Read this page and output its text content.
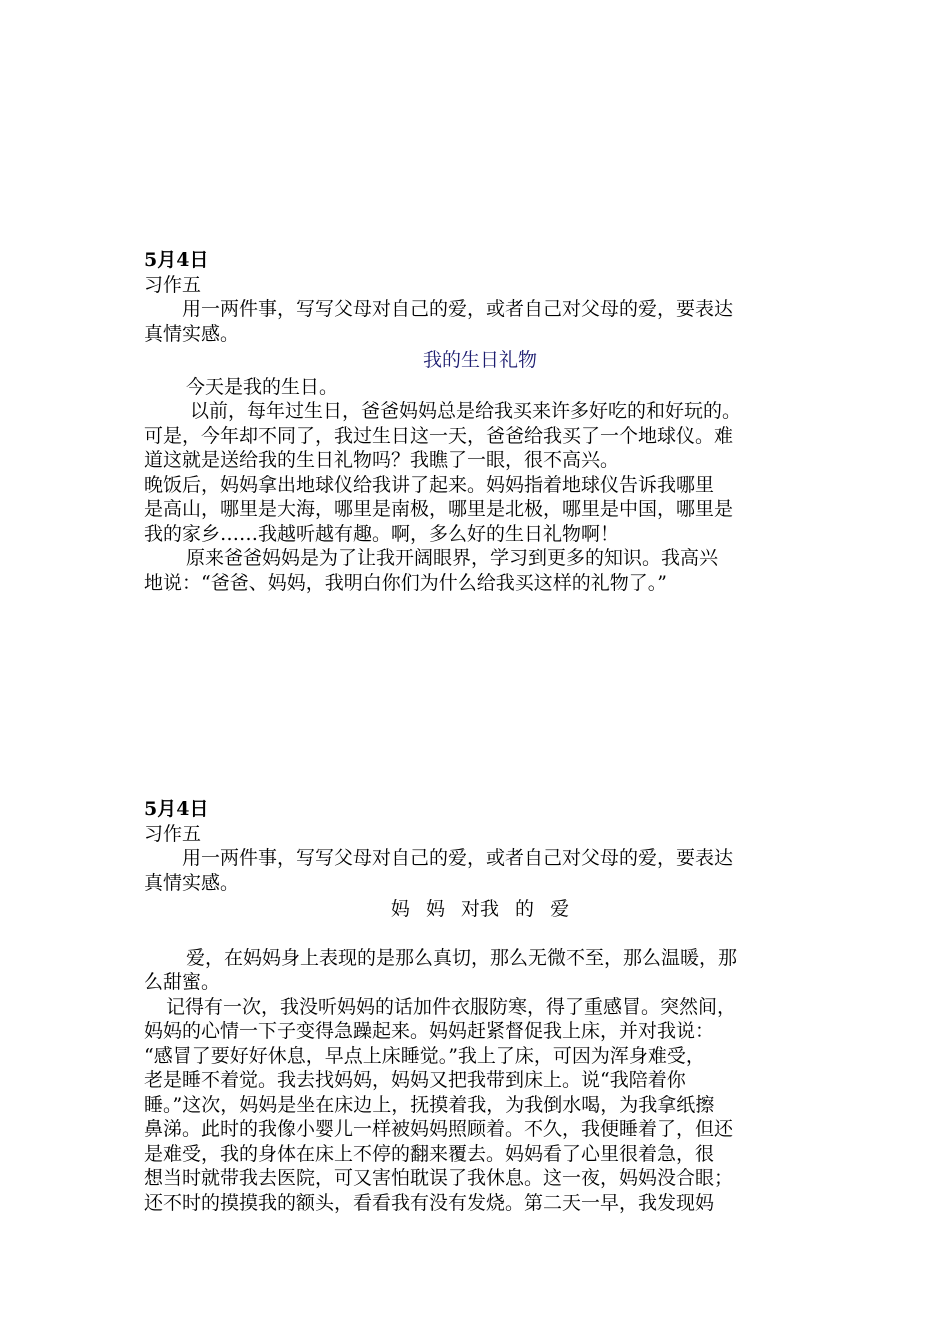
5月4日
习作五
用一两件事，写写父母对自己的爱，或者自己对父母的爱，要表达
真情实感。
我的生日礼物
今天是我的生日。
以前，每年过生日，爸爸妈妈总是给我买来许多好吃的和好玩的。
可是，今年却不同了，我过生日这一天，爸爸给我买了一个地球仪。难
道这就是送给我的生日礼物吗？我瞧了一眼，很不高兴。
晚饭后，妈妈拿出地球仪给我讲了起来。妈妈指着地球仪告诉我哪里
是高山，哪里是大海，哪里是南极，哪里是北极，哪里是中国，哪里是
我的家乡……我越听越有趣。啊，多么好的生日礼物啊！
原来爸爸妈妈是为了让我开阔眼界，学习到更多的知识。我高兴
地说：“爸爸、妈妈，我明白你们为什么给我买这样的礼物了。”
5月4日
习作五
用一两件事，写写父母对自己的爱，或者自己对父母的爱，要表达
真情实感。
妈 妈 对我 的 爱
爱，在妈妈身上表现的是那么真切，那么无微不至，那么温暖，那
么甜蜜。
记得有一次，我没听妈妈的话加件衣服防寒，得了重感冒。突然间，
妈妈的心情一下子变得急躁起来。妈妈赶紧督促我上床，并对我说：
“感冒了要好好休息，早点上床睡觉。”我上了床，可因为浑身难受，
老是睡不着觉。我去找妈妈，妈妈又把我带到床上。说“我陪着你
睡。”这次，妈妈是坐在床边上，抚摸着我，为我倒水喝，为我拿纸擦
鼻涕。此时的我像小婴儿一样被妈妈照顾着。不久，我便睡着了，但还
是难受，我的身体在床上不停的翻来覆去。妈妈看了心里很着急，很
想当时就带我去医院，可又害怕耽误了我休息。这一夜，妈妈没合眼；
还不时的摸摸我的额头，看看我有没有发烧。第二天一早，我发现妈
